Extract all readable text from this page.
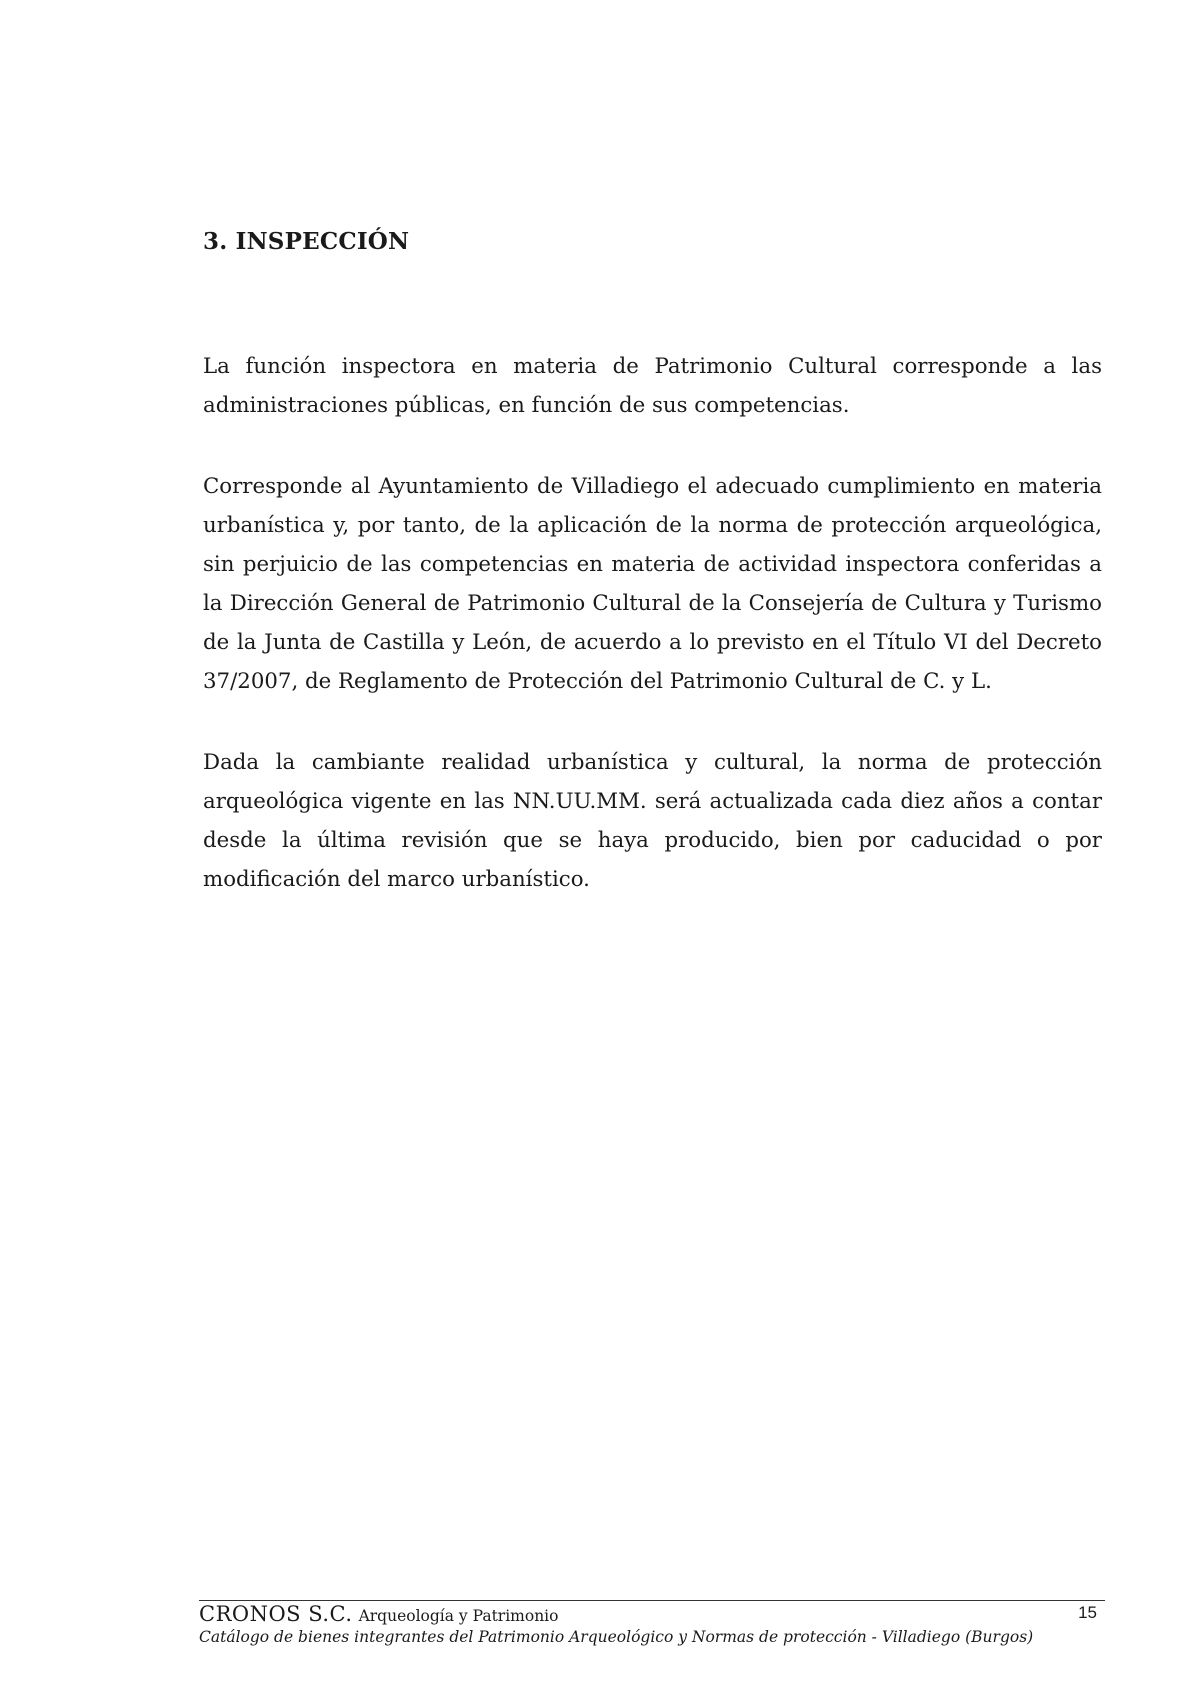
3. INSPECCIÓN

La función inspectora en materia de Patrimonio Cultural corresponde a las administraciones públicas, en función de sus competencias.

Corresponde al Ayuntamiento de Villadiego el adecuado cumplimiento en materia urbanística y, por tanto, de la aplicación de la norma de protección arqueológica, sin perjuicio de las competencias en materia de actividad inspectora conferidas a la Dirección General de Patrimonio Cultural de la Consejería de Cultura y Turismo de la Junta de Castilla y León, de acuerdo a lo previsto en el Título VI del Decreto 37/2007, de Reglamento de Protección del Patrimonio Cultural de C. y L.

Dada la cambiante realidad urbanística y cultural, la norma de protección arqueológica vigente en las NN.UU.MM. será actualizada cada diez años a contar desde la última revisión que se haya producido, bien por caducidad o por modificación del marco urbanístico.

CRONOS S.C. Arqueología y Patrimonio	15
Catálogo de bienes integrantes del Patrimonio Arqueológico y Normas de protección - Villadiego (Burgos)
